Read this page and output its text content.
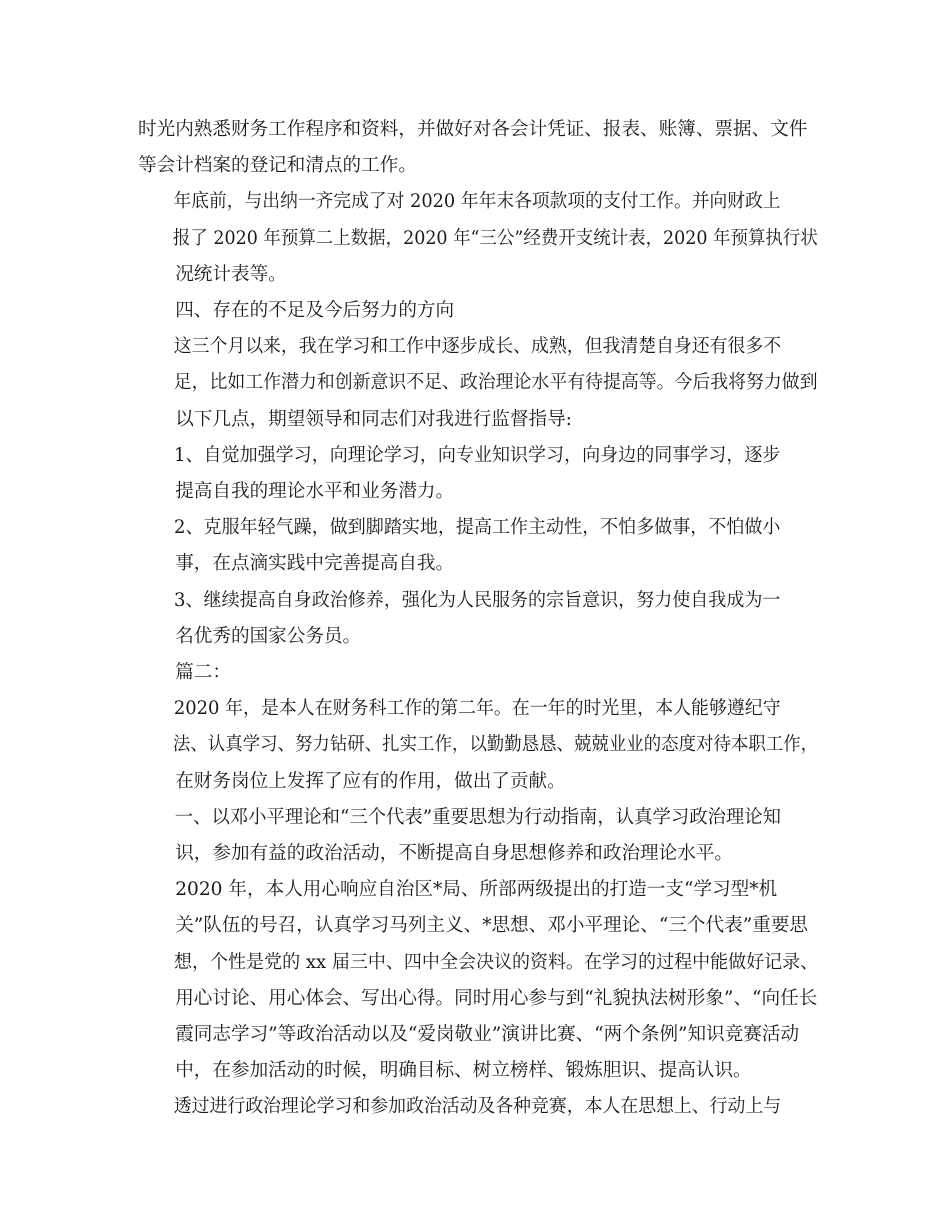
时光内熟悉财务工作程序和资料，并做好对各会计凭证、报表、账簿、票据、文件
等会计档案的登记和清点的工作。

年底前，与出纳一齐完成了对 2020 年年末各项款项的支付工作。并向财政上
报了 2020 年预算二上数据，2020 年“三公”经费开支统计表，2020 年预算执行状
况统计表等。

四、存在的不足及今后努力的方向

这三个月以来，我在学习和工作中逐步成长、成熟，但我清楚自身还有很多不
足，比如工作潜力和创新意识不足、政治理论水平有待提高等。今后我将努力做到
以下几点，期望领导和同志们对我进行监督指导:

1、自觉加强学习，向理论学习，向专业知识学习，向身边的同事学习，逐步
提高自我的理论水平和业务潜力。

2、克服年轻气躁，做到脚踏实地，提高工作主动性，不怕多做事，不怕做小
事，在点滴实践中完善提高自我。

3、继续提高自身政治修养，强化为人民服务的宗旨意识，努力使自我成为一
名优秀的国家公务员。

篇二：

2020 年，是本人在财务科工作的第二年。在一年的时光里，本人能够遵纪守
法、认真学习、努力钻研、扎实工作，以勤勤恳恳、兢兢业业的态度对待本职工作，
在财务岗位上发挥了应有的作用，做出了贡献。

一、以邓小平理论和“三个代表”重要思想为行动指南，认真学习政治理论知
识，参加有益的政治活动，不断提高自身思想修养和政治理论水平。

2020 年，本人用心响应自治区*局、所部两级提出的打造一支“学习型*机
关”队伍的号召，认真学习马列主义、*思想、邓小平理论、“三个代表”重要思
想，个性是党的 xx 届三中、四中全会决议的资料。在学习的过程中能做好记录、
用心讨论、用心体会、写出心得。同时用心参与到“礼貌执法树形象”、“向任长
霞同志学习”等政治活动以及“爱岗敬业”演讲比赛、“两个条例”知识竞赛活动
中，在参加活动的时候，明确目标、树立榜样、锻炼胆识、提高认识。

透过进行政治理论学习和参加政治活动及各种竞赛，本人在思想上、行动上与
